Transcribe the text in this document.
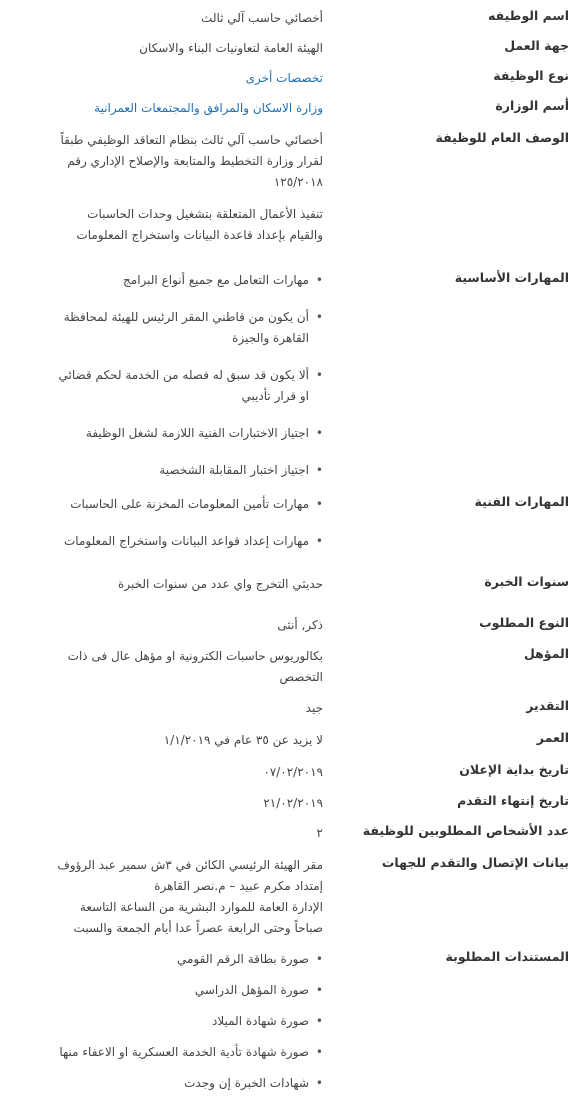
اسم الوطيفه
أخصائي حاسب آلي ثالث
جهة العمل
الهيئة العامة لتعاونيات البناء والاسكان
نوع الوظيفة
تخصصات أخرى
أسم الوزارة
وزارة الاسكان والمرافق والمجتمعات العمرانية
الوصف العام للوظيفة

أخصائي حاسب آلي ثالث بنظام التعاقد الوظيفي طبقاً

لقرار وزارة التخطيط والمتابعة والإصلاح الإداري رقم

١٢٥/٢٠١٨

تنفيذ الأعمال المتعلقة بتشغيل وحدات الحاسبات

والقيام بإعداد قاعدة البيانات واستخراج المعلومات

المهارات الأساسية
•
مهارات التعامل مع جميع أنواع البرامج
•
أن يكون من قاطني المقر الرئيس للهيئة لمحافظة
القاهرة والجيزة
•
ألا يكون قد سبق له فصله من الخدمة لحكم قضائي
او قرار تأديبي
•
اجتياز الاختبارات الفنية اللازمة لشغل الوظيفة
•
اجتياز اختبار المقابلة الشخصية
المهارات الفنية
•
مهارات تأمين المعلومات المخزنة على الحاسبات
•
مهارات إعداد قواعد البيانات واستخراج المعلومات
سنوات الخبرة
حديثي التخرج واي عدد من سنوات الخبرة
النوع المطلوب
ذكر, أنثى
المؤهل

بكالوريوس حاسبات الكترونية او مؤهل عال فى ذات

التخصص

التقدير
جيد
العمر
لا يزيد عن ٣٥ عام في ١/١/٢٠١٩
تاريخ بداية الإعلان
٠٧/٠٢/٢٠١٩
تاريخ إنتهاء التقدم
٢١/٠٢/٢٠١٩
عدد الأشخاص المطلوبين للوظيفة
٢
بيانات الإتصال والتقدم للجهات

مقر الهيئة الرئيسي الكائن في ٣ش سمير عبد الرؤوف

إمتداد مكرم عبيد – م.نصر القاهرة

الإدارة العامة للموارد البشرية من الساعة التاسعة

صباحاً وحتى الرابعة عصراً عدا أيام الجمعة والسبت

المستندات المطلوبة
•
صورة بطاقة الرقم القومي
•
صورة المؤهل الدراسي
•
صورة شهادة الميلاد
•
صورة شهادة تأدية الخدمة العسكرية او الاعفاء منها
•
شهادات الخبرة إن وجدت
